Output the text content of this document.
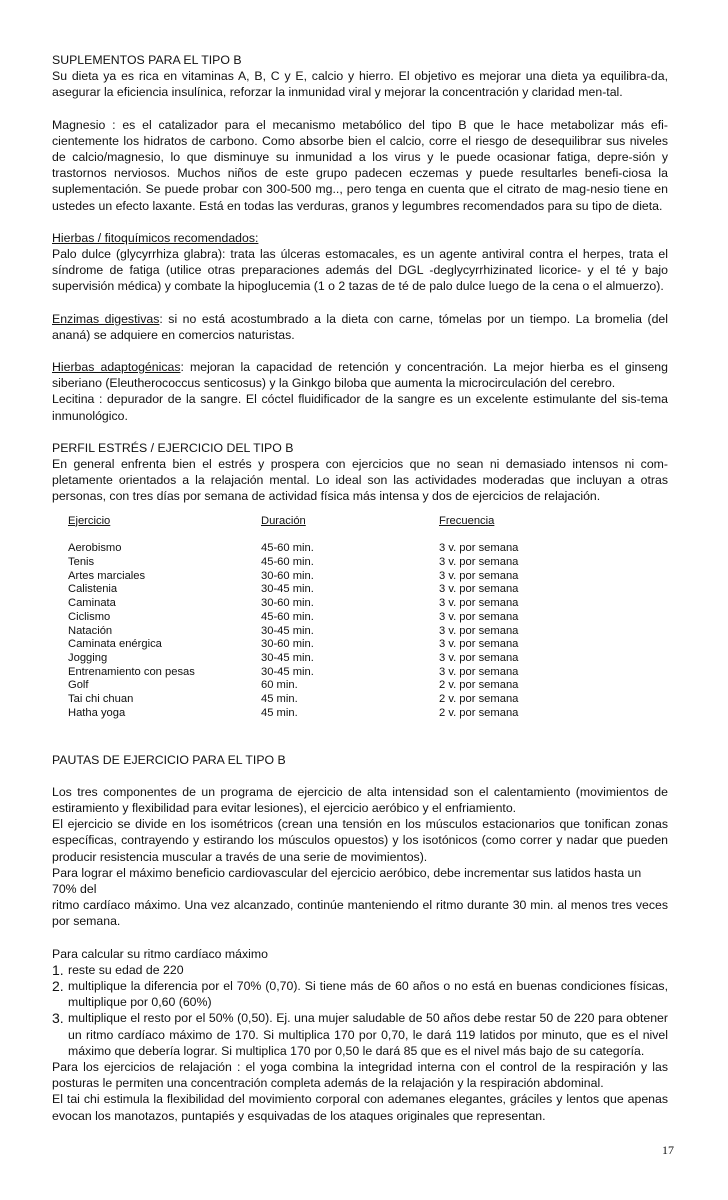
SUPLEMENTOS PARA EL TIPO B

Su dieta ya es rica en vitaminas A, B, C y E, calcio y hierro. El objetivo es mejorar una dieta ya equilibra-da, asegurar la eficiencia insulínica, reforzar la inmunidad viral y mejorar la concentración y claridad men-tal.

Magnesio : es el catalizador para el mecanismo metabólico del tipo B que le hace metabolizar más efi-cientemente los hidratos de carbono. Como absorbe bien el calcio, corre el riesgo de desequilibrar sus niveles de calcio/magnesio, lo que disminuye su inmunidad a los virus y le puede ocasionar fatiga, depre-sión y trastornos nerviosos. Muchos niños de este grupo padecen eczemas y puede resultarles benefi-ciosa la suplementación. Se puede probar con 300-500 mg.., pero tenga en cuenta que el citrato de mag-nesio tiene en ustedes un efecto laxante. Está en todas las verduras, granos y legumbres recomendados para su tipo de dieta.

Hierbas / fitoquímicos recomendados:

Palo dulce (glycyrrhiza glabra): trata las úlceras estomacales, es un agente antiviral contra el herpes, trata el síndrome de fatiga (utilice otras preparaciones además del DGL -deglycyrrhizinated licorice- y el té y bajo supervisión médica) y combate la hipoglucemia (1 o 2 tazas de té de palo dulce luego de la cena o el almuerzo).

Enzimas digestivas: si no está acostumbrado a la dieta con carne, tómelas por un tiempo. La bromelia (del ananá) se adquiere en comercios naturistas.

Hierbas adaptogénicas: mejoran la capacidad de retención y concentración. La mejor hierba es el ginseng siberiano (Eleutherococcus senticosus) y la Ginkgo biloba que aumenta la microcirculación del cerebro.

Lecitina : depurador de la sangre. El cóctel fluidificador de la sangre es un excelente estimulante del sis-tema inmunológico.

PERFIL ESTRÉS / EJERCICIO DEL TIPO B

En general enfrenta bien el estrés y prospera con ejercicios que no sean ni demasiado intensos ni com-pletamente orientados a la relajación mental. Lo ideal son las actividades moderadas que incluyan a otras personas, con tres días por semana de actividad física más intensa y dos de ejercicios de relajación.

Ejercicio	Duración	Frecuencia
Aerobismo	45-60 min.	3 v. por semana
Tenis	45-60 min.	3 v. por semana
Artes marciales	30-60 min.	3 v. por semana
Calistenia	30-45 min.	3 v. por semana
Caminata	30-60 min.	3 v. por semana
Ciclismo	45-60 min.	3 v. por semana
Natación	30-45 min.	3 v. por semana
Caminata enérgica	30-60 min.	3 v. por semana
Jogging	30-45 min.	3 v. por semana
Entrenamiento con pesas	30-45 min.	3 v. por semana
Golf	60 min.	2 v. por semana
Tai chi chuan	45 min.	2 v. por semana
Hatha yoga	45 min.	2 v. por semana

PAUTAS DE EJERCICIO PARA EL TIPO B

Los tres componentes de un programa de ejercicio de alta intensidad son el calentamiento (movimientos de estiramiento y flexibilidad para evitar lesiones), el ejercicio aeróbico y el enfriamiento.

El ejercicio se divide en los isométricos (crean una tensión en los músculos estacionarios que tonifican zonas específicas, contrayendo y estirando los músculos opuestos) y los isotónicos (como correr y nadar que pueden producir resistencia muscular a través de una serie de movimientos).

Para lograr el máximo beneficio cardiovascular del ejercicio aeróbico, debe incrementar sus latidos hasta un 70% del

ritmo cardíaco máximo. Una vez alcanzado, continúe manteniendo el ritmo durante 30 min. al menos tres veces por semana.

Para calcular su ritmo cardíaco máximo

1. reste su edad de 220
2. multiplique la diferencia por el 70% (0,70). Si tiene más de 60 años o no está en buenas condiciones físicas, multiplique por 0,60 (60%)
3. multiplique el resto por el 50% (0,50). Ej. una mujer saludable de 50 años debe restar 50 de 220 para obtener un ritmo cardíaco máximo de 170. Si multiplica 170 por 0,70, le dará 119 latidos por minuto, que es el nivel máximo que debería lograr. Si multiplica 170 por 0,50 le dará 85 que es el nivel más bajo de su categoría.

Para los ejercicios de relajación : el yoga combina la integridad interna con el control de la respiración y las posturas le permiten una concentración completa además de la relajación y la respiración abdominal.

El tai chi estimula la flexibilidad del movimiento corporal con ademanes elegantes, gráciles y lentos que apenas evocan los manotazos, puntapiés y esquivadas de los ataques originales que representan.

17
